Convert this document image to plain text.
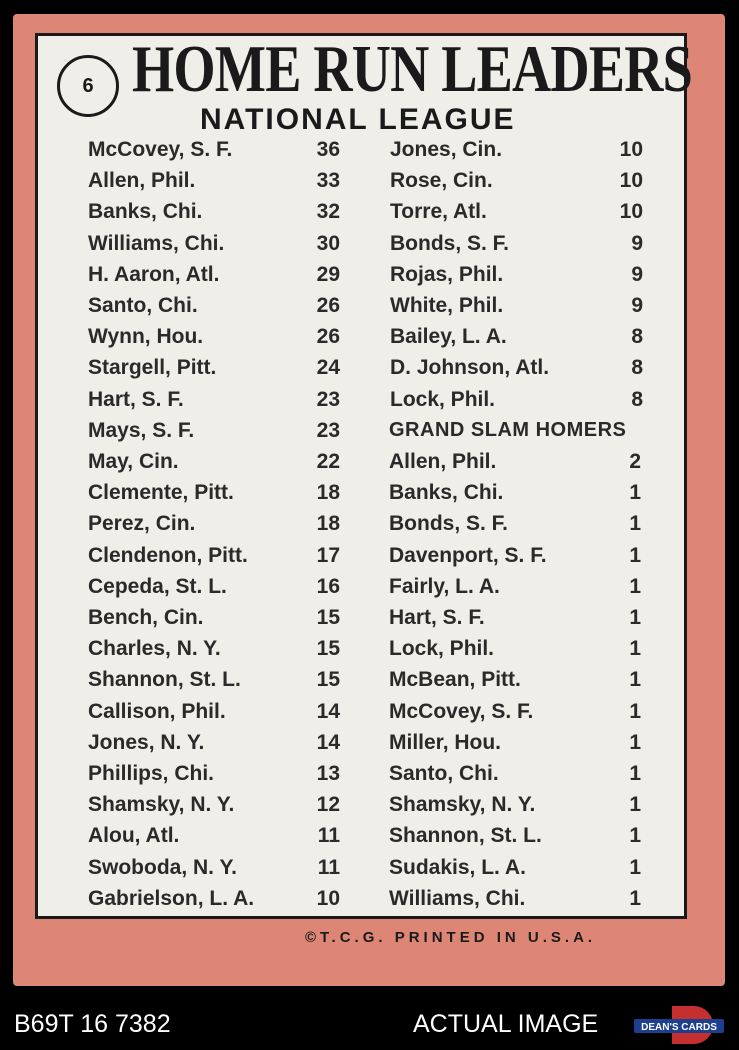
6 HOME RUN LEADERS
NATIONAL LEAGUE
McCovey, S. F.	36
Allen, Phil.	33
Banks, Chi.	32
Williams, Chi.	30
H. Aaron, Atl.	29
Santo, Chi.	26
Wynn, Hou.	26
Stargell, Pitt.	24
Hart, S. F.	23
Mays, S. F.	23
May, Cin.	22
Clemente, Pitt.	18
Perez, Cin.	18
Clendenon, Pitt.	17
Cepeda, St. L.	16
Bench, Cin.	15
Charles, N. Y.	15
Shannon, St. L.	15
Callison, Phil.	14
Jones, N. Y.	14
Phillips, Chi.	13
Shamsky, N. Y.	12
Alou, Atl.	11
Swoboda, N. Y.	11
Gabrielson, L. A.	10
Jones, Cin.	10
Rose, Cin.	10
Torre, Atl.	10
Bonds, S. F.	9
Rojas, Phil.	9
White, Phil.	9
Bailey, L. A.	8
D. Johnson, Atl.	8
Lock, Phil.	8
GRAND SLAM HOMERS
Allen, Phil.	2
Banks, Chi.	1
Bonds, S. F.	1
Davenport, S. F.	1
Fairly, L. A.	1
Hart, S. F.	1
Lock, Phil.	1
McBean, Pitt.	1
McCovey, S. F.	1
Miller, Hou.	1
Santo, Chi.	1
Shamsky, N. Y.	1
Shannon, St. L.	1
Sudakis, L. A.	1
Williams, Chi.	1
©T.C.G. PRINTED IN U.S.A.
B69T 16 7382	ACTUAL IMAGE	DEAN'S CARDS
